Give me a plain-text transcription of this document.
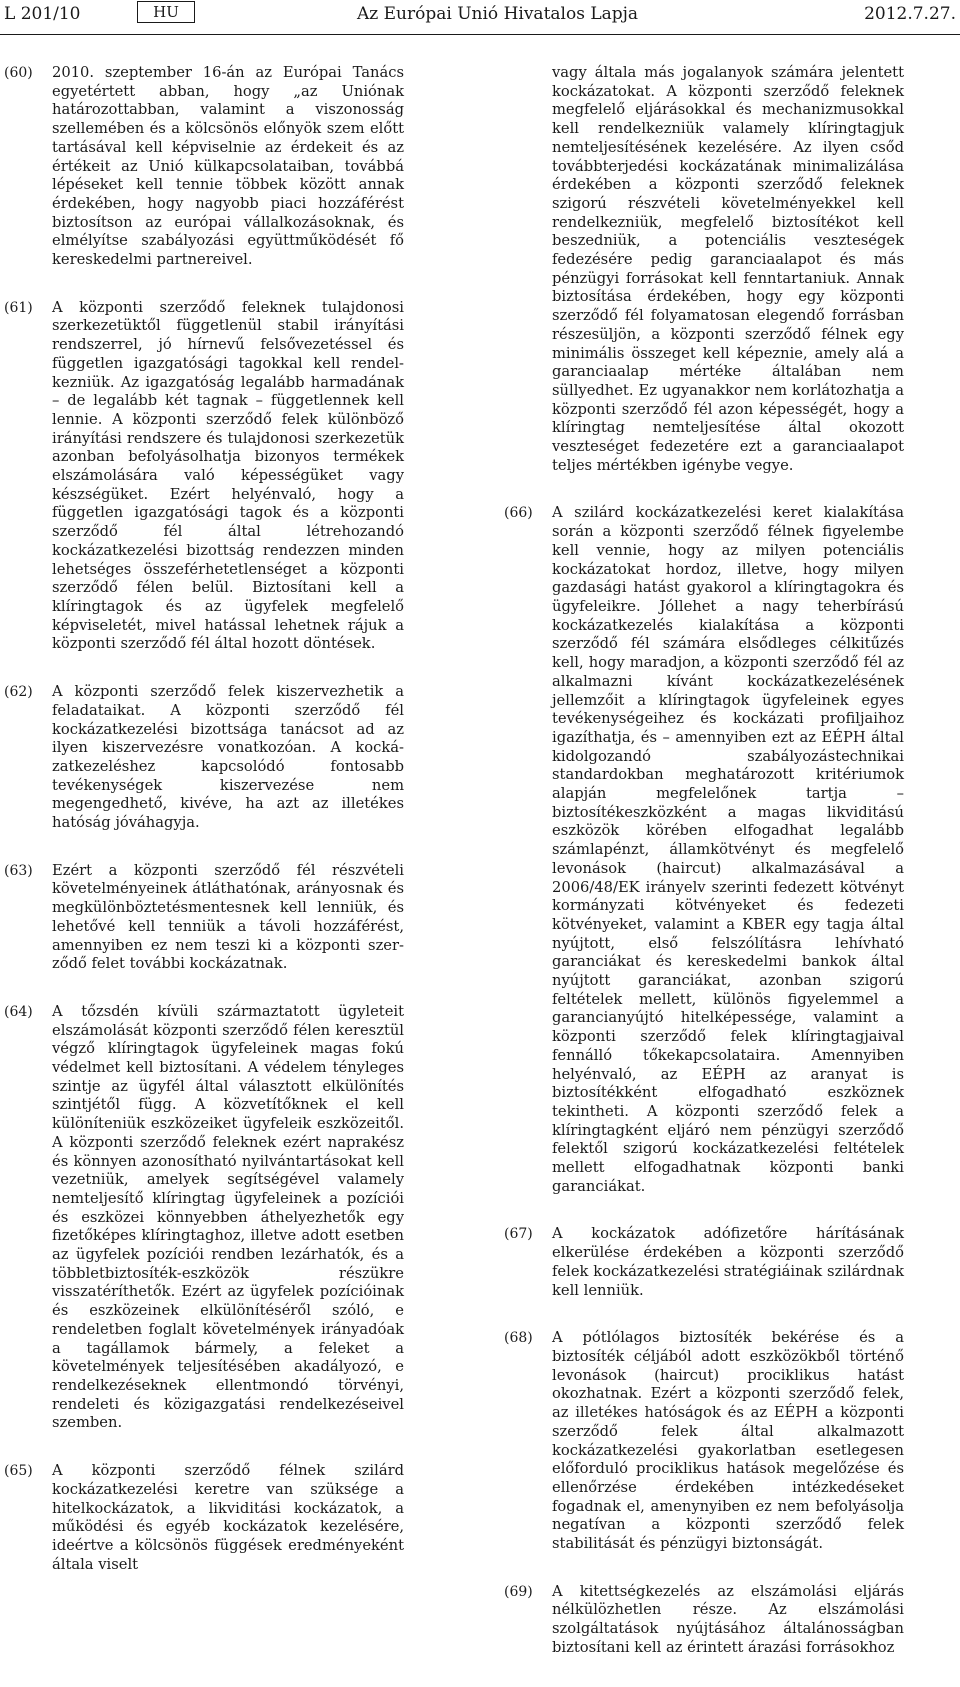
L 201/10	HU	Az Európai Unió Hivatalos Lapja	2012.7.27.
(60) 2010. szeptember 16-án az Európai Tanács egyetértett abban, hogy „az Uniónak határozottabban, valamint a viszonosság szellemében és a kölcsönös előnyök szem előtt tartásával kell képviselnie az érdekeit és az értékeit az Unió külkapcsolataiban, továbbá lépéseket kell tennie többek között annak érdekében, hogy nagyobb piaci hozzáférést biztosítson az európai vállalkozásoknak, és elmélyítse szabályozási együttműködését fő kereskedelmi partnereivel.
(61) A központi szerződő feleknek tulajdonosi szerkezetüktől függetlenül stabil irányítási rendszerrel, jó hírnevű felsővezetéssel és független igazgatósági tagokkal kell rendelkezniük. Az igazgatóság legalább harmadának – de legalább két tagnak – függetlennek kell lennie. A központi szerződő felek különböző irányítási rendszere és tulajdonosi szerkezetük azonban befolyásolhatja bizonyos termékek elszámolására való képességüket vagy készségüket. Ezért helyénvaló, hogy a független igazgatósági tagok és a központi szerződő fél által létrehozandó kockázatkezelési bizottság rendezzen minden lehetséges összeférhetetlenséget a központi szerződő félen belül. Biztosítani kell a klíringtagok és az ügyfelek megfelelő képviseletét, mivel hatással lehetnek rájuk a központi szerződő fél által hozott döntések.
(62) A központi szerződő felek kiszervezhetik a feladataikat. A központi szerződő fél kockázatkezelési bizottsága tanácsot ad az ilyen kiszervezésre vonatkozóan. A kockázatkezeléshez kapcsolódó fontosabb tevékenységek kiszervezése nem megengedhető, kivéve, ha azt az illetékes hatóság jóváhagyja.
(63) Ezért a központi szerződő fél részvételi követelményeinek átláthatónak, arányosnak és megkülönböztetésmentesnek kell lenniük, és lehetővé kell tenniük a távoli hozzáférést, amennyiben ez nem teszi ki a központi szerződő felet további kockázatnak.
(64) A tőzsdén kívüli származtatott ügyleteit elszámolását központi szerződő félen keresztül végző klíringtagok ügyfeleinek magas fokú védelmet kell biztosítani. A védelem tényleges szintje az ügyfél által választott elkülönítés szintjétől függ. A közvetítőknek el kell különíteniük eszközeiket ügyfeleik eszközeitől. A központi szerződő feleknek ezért naprakész és könnyen azonosítható nyilvántartásokat kell vezetniük, amelyek segítségével valamely nemteljesítő klíringtag ügyfeleinek a pozíciói és eszközei könnyebben áthelyezhetők egy fizetőképes klíringtaghoz, illetve adott esetben az ügyfelek pozíciói rendben lezárhatók, és a többletbiztosíték-eszközök részükre visszatéríthetők. Ezért az ügyfelek pozícióinak és eszközeinek elkülönítéséről szóló, e rendeletben foglalt követelmények irányadóak a tagállamok bármely, a feleket a követelmények teljesítésében akadályozó, e rendelkezéseknek ellentmondó törvényi, rendeleti és közigazgatási rendelkezéseivel szemben.
(65) A központi szerződő félnek szilárd kockázatkezelési keretre van szüksége a hitelkockázatok, a likviditási kockázatok, a működési és egyéb kockázatok kezelésére, ideértve a kölcsönös függések eredményeként általa viselt
vagy általa más jogalanyok számára jelentett kockázatokat. A központi szerződő feleknek megfelelő eljárásokkal és mechanizmusokkal kell rendelkezniük valamely klíringtagjuk nemteljesítésének kezelésére. Az ilyen csőd továbbterjedési kockázatának minimalizálása érdekében a központi szerződő feleknek szigorú részvételi követelményekkel kell rendelkezniük, megfelelő biztosítékot kell beszedniük, a potenciális veszteségek fedezésére pedig garanciaalapot és más pénzügyi forrásokat kell fenntartaniuk. Annak biztosítása érdekében, hogy egy központi szerződő fél folyamatosan elegendő forrásban részesüljön, a központi szerződő félnek egy minimális összeget kell képeznie, amely alá a garanciaalap mértéke általában nem süllyedhet. Ez ugyanakkor nem korlátozhatja a központi szerződő fél azon képességét, hogy a klíringtag nemteljesítése által okozott veszteséget fedezetére ezt a garanciaalapot teljes mértékben igénybe vegye.
(66) A szilárd kockázatkezelési keret kialakítása során a központi szerződő félnek figyelembe kell vennie, hogy az milyen potenciális kockázatokat hordoz, illetve, hogy milyen gazdasági hatást gyakorol a klíringtagokra és ügyfeleikre. Jóllehet a nagy teherbírású kockázatkezelés kialakítása a központi szerződő fél számára elsődleges célkitűzés kell, hogy maradjon, a központi szerződő fél az alkalmazni kívánt kockázatkezelésének jellemzőit a klíringtagok ügyfeleinek egyes tevékenységeihez és kockázati profiljaihoz igazíthatja, és – amennyiben ezt az EÉPH által kidolgozandó szabályozástechnikai standardokban meghatározott kritériumok alapján megfelelőnek tartja – biztosítékeszközként a magas likviditású eszközök körében elfogadhat legalább számlapénzt, államkötvényt és megfelelő levonások (haircut) alkalmazásával a 2006/48/EK irányelv szerinti fedezett kötvényt kormányzati kötvényeket és fedezeti kötvényeket, valamint a KBER egy tagja által nyújtott, első felszólításra lehívható garanciákat és kereskedelmi bankok által nyújtott garanciákat, azonban szigorú feltételek mellett, különös figyelemmel a garancianyújtó hitelképessége, valamint a központi szerződő felek klíringtagjaival fennálló tőkekapcsolataira. Amennyiben helyénvaló, az EÉPH az aranyat is biztosítékként elfogadható eszköznek tekintheti. A központi szerződő felek a klíringtagként eljáró nem pénzügyi szerződő felektől szigorú kockázatkezelési feltételek mellett elfogadhatnak központi banki garanciákat.
(67) A kockázatok adófizetőre hárításának elkerülése érdekében a központi szerződő felek kockázatkezelési stratégiáinak szilárdnak kell lenniük.
(68) A pótlólagos biztosíték bekérése és a biztosíték céljából adott eszközökből történő levonások (haircut) prociklikus hatást okozhatnak. Ezért a központi szerződő felek, az illetékes hatóságok és az EÉPH a központi szerződő felek által alkalmazott kockázatkezelési gyakorlatban esetlegesen előforduló prociklikus hatások megelőzése és ellenőrzése érdekében intézkedéseket fogadnak el, amenynyiben ez nem befolyásolja negatívan a központi szerződő felek stabilitását és pénzügyi biztonságát.
(69) A kitettségkezelés az elszámolási eljárás nélkülözhetlen része. Az elszámolási szolgáltatások nyújtásához általánosságban biztosítani kell az érintett árazási forrásokhoz
